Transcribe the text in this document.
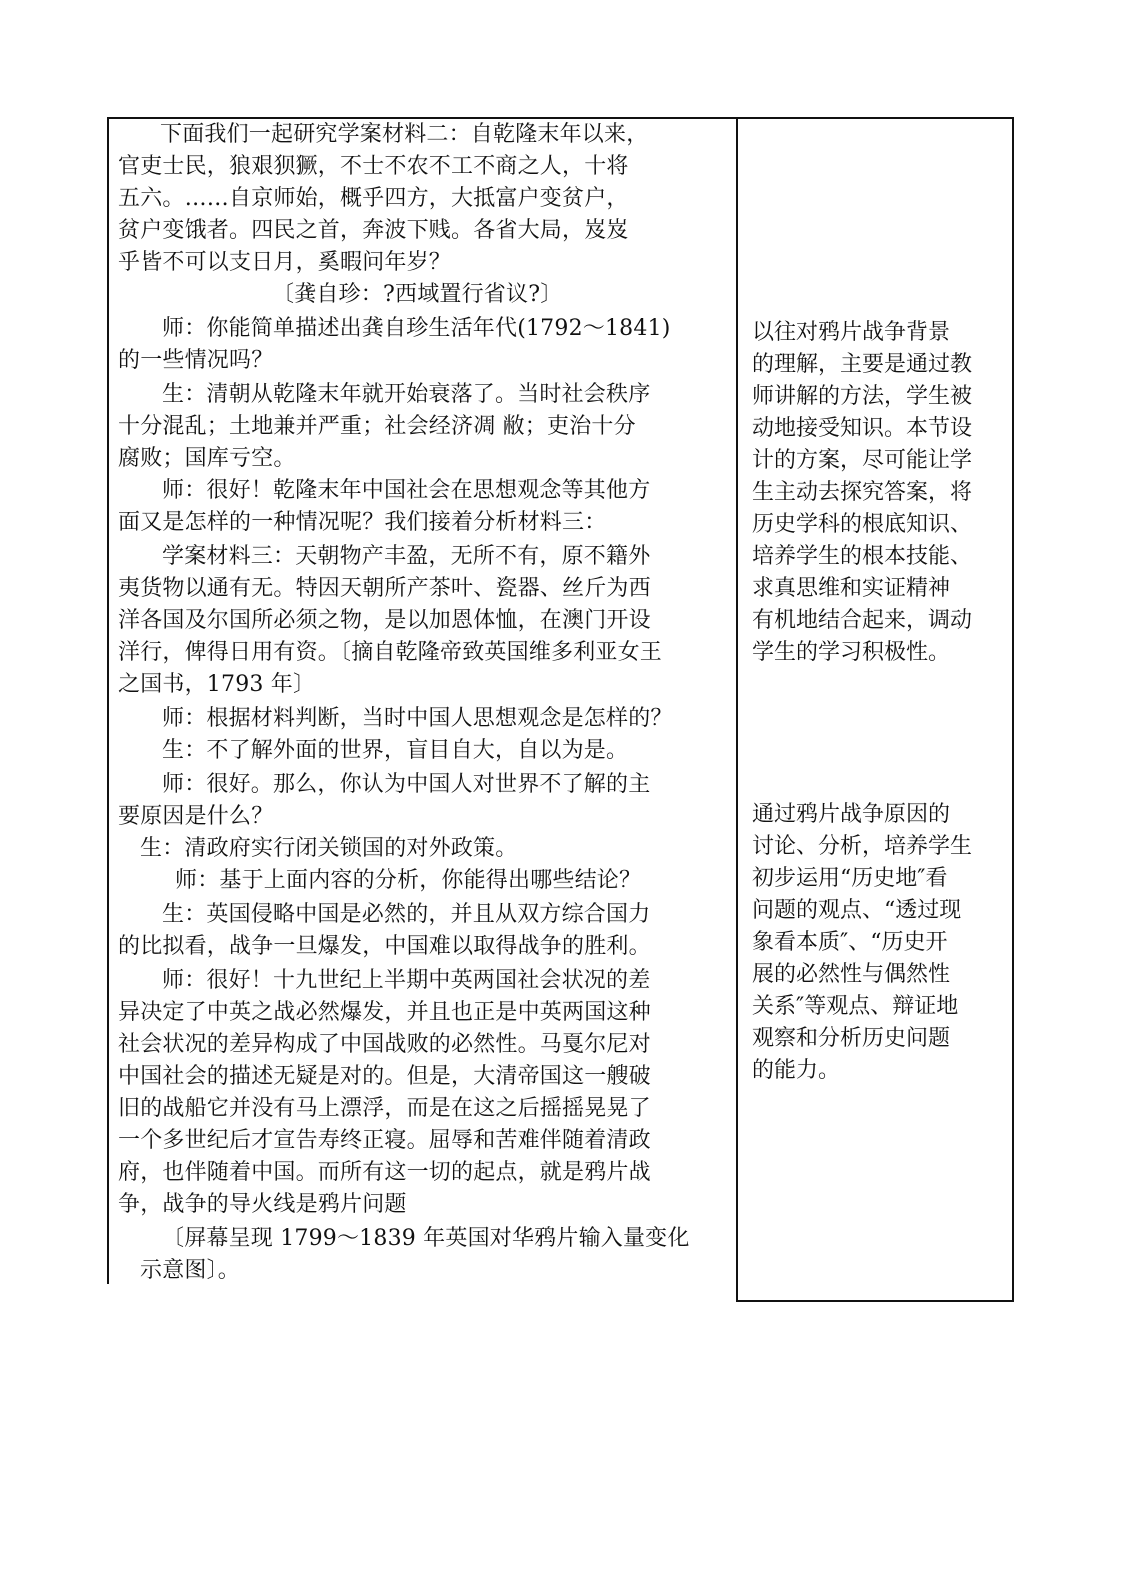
下面我们一起研究学案材料二：自乾隆末年以来，
官吏士民，狼艰狈獗，不士不农不工不商之人，十将
五六。……自京师始，概乎四方，大抵富户变贫户，
贫户变饿者。四民之首，奔波下贱。各省大局，岌岌
乎皆不可以支日月，奚暇问年岁？
〔龚自珍：?西域置行省议?〕
师：你能简单描述出龚自珍生活年代(1792～1841)
的一些情况吗？
生：清朝从乾隆末年就开始衰落了。当时社会秩序
十分混乱；土地兼并严重；社会经济凋 敝；吏治十分
腐败；国库亏空。
师：很好！乾隆末年中国社会在思想观念等其他方
面又是怎样的一种情况呢？我们接着分析材料三：
学案材料三：天朝物产丰盈，无所不有，原不籍外
夷货物以通有无。特因天朝所产茶叶、瓷器、丝斤为西
洋各国及尔国所必须之物，是以加恩体恤，在澳门开设
洋行，俾得日用有资。〔摘自乾隆帝致英国维多利亚女王
之国书，1793 年〕
师：根据材料判断，当时中国人思想观念是怎样的？
生：不了解外面的世界，盲目自大，自以为是。
师：很好。那么，你认为中国人对世界不了解的主
要原因是什么？
生：清政府实行闭关锁国的对外政策。
师：基于上面内容的分析，你能得出哪些结论？
生：英国侵略中国是必然的，并且从双方综合国力
的比拟看，战争一旦爆发，中国难以取得战争的胜利。
师：很好！十九世纪上半期中英两国社会状况的差
异决定了中英之战必然爆发，并且也正是中英两国这种
社会状况的差异构成了中国战败的必然性。马戛尔尼对
中国社会的描述无疑是对的。但是，大清帝国这一艘破
旧的战船它并没有马上漂浮，而是在这之后摇摇晃晃了
一个多世纪后才宣告寿终正寝。屈辱和苦难伴随着清政
府，也伴随着中国。而所有这一切的起点，就是鸦片战
争，战争的导火线是鸦片问题
〔屏幕呈现 1799～1839 年英国对华鸦片输入量变化
示意图〕。
以往对鸦片战争背景
的理解，主要是通过教
师讲解的方法，学生被
动地接受知识。本节设
计的方案，尽可能让学
生主动去探究答案，将
历史学科的根底知识、
培养学生的根本技能、
求真思维和实证精神
有机地结合起来，调动
学生的学习积极性。
通过鸦片战争原因的
讨论、分析，培养学生
初步运用“历史地″看
问题的观点、“透过现
象看本质″、“历史开
展的必然性与偶然性
关系″等观点、辩证地
观察和分析历史问题
的能力。
